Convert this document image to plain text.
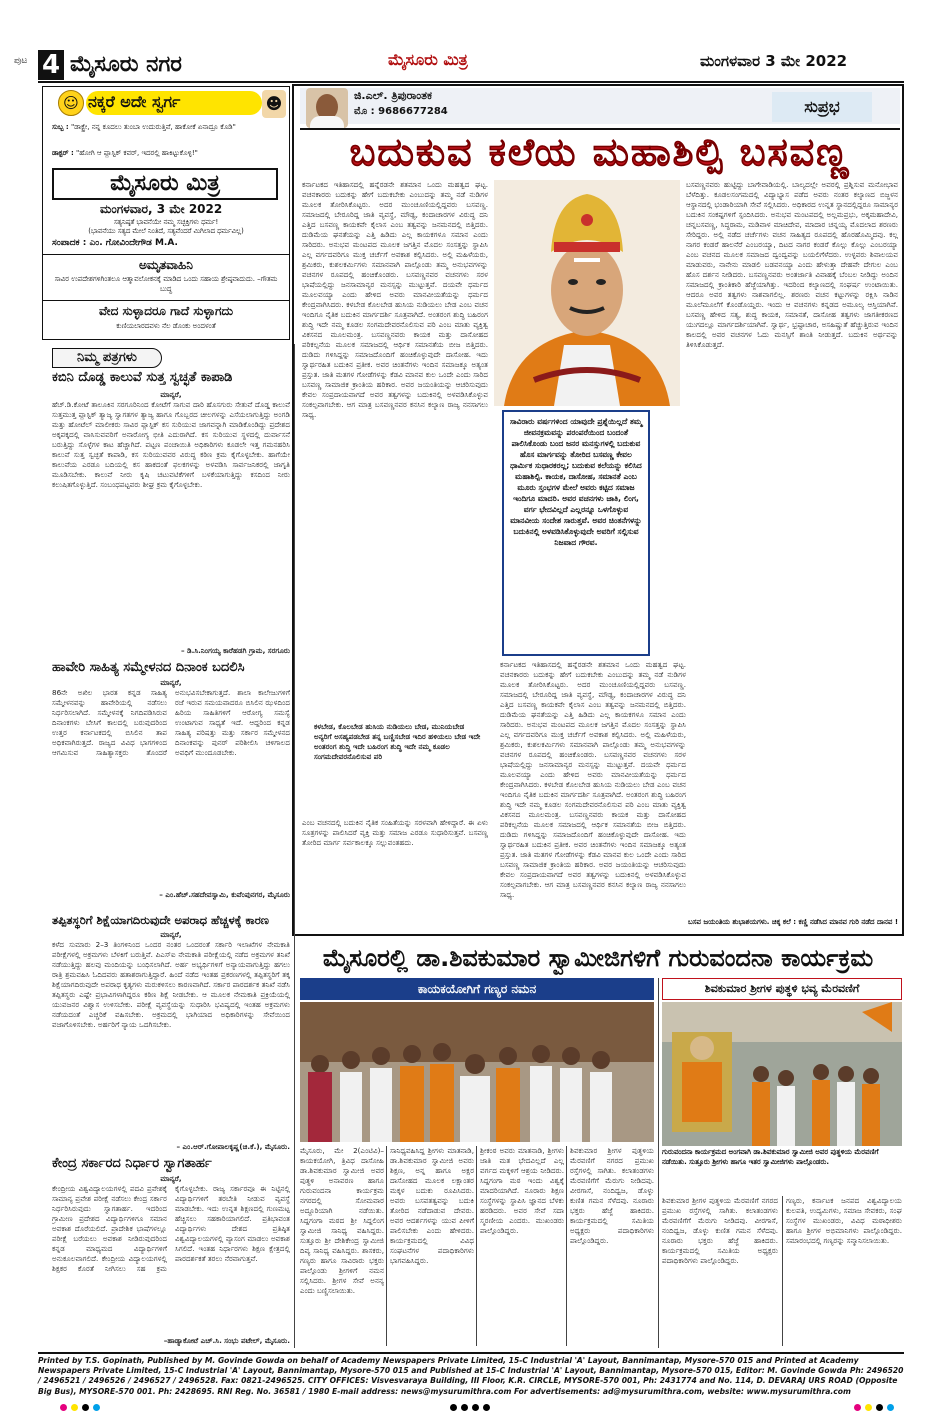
ಪುಟ 4 ಮೈಸೂರು ನಗರ	ಮೈಸೂರು ಮಿತ್ರ	ಮಂಗಳವಾರ 3 ಮೇ 2022
☺ ನಕ್ಕರೆ ಅದೇ ಸ್ವರ್ಗ	☻
ಸುಬ್ಬ : "ಡಾಕ್ಟ್ರೇ, ನನ್ನ ಕೂದಲು ತುಂಬಾ ಉದುರುತ್ತಿವೆ, ಹಾಕೋಕೆ ಏನಾದ್ರೂ ಕೊಡಿ"
ಡಾಕ್ಟರ್ : "ಹೋಗಿ ಆ ಪ್ಲಾಸ್ಟಿಕ್ ಕವರ್, ಇದರಲ್ಲಿ ಹಾಕಿಟ್ಟುಕೊಳ್ಳಿ!"
ಮೈಸೂರು ಮಿತ್ರ
ಮಂಗಳವಾರ, 3 ಮೇ 2022
ಸತ್ಯನಿಷ್ಠತೆ ಭಾವನೆಯೇ ನಮ್ಮ ಸಚ್ಛಕ್ತಿಗಳು ಧರ್ಮ!
(ಭಾವನೆಯು ಸತ್ಯದ ಮೇಲೆ ನಿಂತಿದೆ, ಸತ್ಯವೆಂದರೆ ಮಿಗಿಲಾದ ಧರ್ಮವಿಲ್ಲ)
ಸಂಪಾದಕ : ಎಂ. ಗೋವಿಂದೇಗೌಡ M.A.
ಅಮೃತವಾಹಿನಿ
ಸಾವಿರ ಉಪದೇಶಗಳಿಗಿಂತಲೂ ಆತ್ಮಾವಲೋಕನಕ್ಕೆ ಮಾಡಿದ ಒಂದು ಸಹಾಯ ಶ್ರೇಷ್ಠವಾದುದು. –ಗೌತಮ ಬುದ್ಧ
ವೇದ ಸುಳ್ಳಾದರೂ ಗಾದೆ ಸುಳ್ಳಾಗದು
ಕುಣಿಯಲಾರದವಳು ನೆಲ ಡೊಂಕು ಅಂದಳಂತೆ
ನಿಮ್ಮ ಪತ್ರಗಳು
ಕಬಿನಿ ದೊಡ್ಡ ಕಾಲುವೆ ಸುತ್ತ ಸ್ವಚ್ಛತೆ ಕಾಪಾಡಿ
ಮಾನ್ಯರೆ,
ಹೆಚ್.ಡಿ.ಕೋಟೆ ತಾಲೂಕಿನ ಸರಗೂರಿನಿಂದ ಕೋಟೆಗೆ ಸಾಗುವ ದಾರಿ ಹೊಸಗುರು ಸೇತುವೆ ದೊಡ್ಡ ಕಾಲುವೆ ಸುತ್ತಮುತ್ತ ಪ್ಲಾಸ್ಟಿಕ್ ತ್ಯಾಜ್ಯ ಸ್ವಾಗತಗಳ ತ್ಯಾಜ್ಯ ಹಾಗೂ ಗೊಬ್ಬರದ ಚೀಲಗಳನ್ನು ಎಸೆಯಲಾಗುತ್ತಿದ್ದು ಅಂಗಡಿ ಮತ್ತು ಹೋಟೆಲ್ ಮಾಲೀಕರು ಸಾವಿರ ಪ್ಲಾಸ್ಟಿಕ್ ಕಸ ಸುರಿಯುವ ಜಾಗವನ್ನಾಗಿ ಮಾಡಿಕೊಂಡಿದ್ದು ಪ್ರದೇಶದ ಅಕ್ಕಪಕ್ಕದಲ್ಲಿ ವಾಸಿಸುವವರಿಗೆ ಅನಾರೋಗ್ಯ ಭೀತಿ ಎದುರಾಗಿದೆ. ಕಸ ಸುರಿಯುವ ಸ್ಥಳದಲ್ಲಿ ದುರ್ವಾಸನೆ ಬರುತ್ತಿದ್ದು ಸೊಳ್ಳೆಗಳ ಕಾಟ ಹೆಚ್ಚಾಗಿದೆ. ಪಟ್ಟಣ ಪಂಚಾಯಿತಿ ಅಧಿಕಾರಿಗಳು ಕೂಡಲೇ ಇತ್ತ ಗಮನಹರಿಸಿ ಕಾಲುವೆ ಸುತ್ತ ಸ್ವಚ್ಛತೆ ಕಾಪಾಡಿ, ಕಸ ಸುರಿಯುವವರ ವಿರುದ್ಧ ಕಠಿಣ ಕ್ರಮ ಕೈಗೊಳ್ಳಬೇಕು. ಹಾಗೆಯೇ ಕಾಲುವೆಯ ಎರಡೂ ಬದಿಯಲ್ಲಿ ಕಸ ಹಾಕದಂತೆ ಫಲಕಗಳನ್ನು ಅಳವಡಿಸಿ ಸಾರ್ವಜನಿಕರಲ್ಲಿ ಜಾಗೃತಿ ಮೂಡಿಸಬೇಕು. ಕಾಲುವೆ ನೀರು ಕೃಷಿ ಚಟುವಟಿಕೆಗಳಿಗೆ ಬಳಕೆಯಾಗುತ್ತಿದ್ದು ಕಸದಿಂದ ನೀರು ಕಲುಷಿತಗೊಳ್ಳುತ್ತಿದೆ. ಸಂಬಂಧಪಟ್ಟವರು ಶೀಘ್ರ ಕ್ರಮ ಕೈಗೊಳ್ಳಬೇಕು.
– ಡಿ.ಸಿ.ನಿಂಗಯ್ಯ ಕಾರೆಹಡಗಿ ಗ್ರಾಮ, ಸರಗೂರು
ಹಾವೇರಿ ಸಾಹಿತ್ಯ ಸಮ್ಮೇಳನದ ದಿನಾಂಕ ಬದಲಿಸಿ
ಮಾನ್ಯರೆ,
86ನೇ ಅಖಿಲ ಭಾರತ ಕನ್ನಡ ಸಾಹಿತ್ಯ ಸಮ್ಮೇಳನವನ್ನು ಹಾವೇರಿಯಲ್ಲಿ ನಡೆಸಲು ನಿರ್ಧರಿಸಲಾಗಿದೆ. ಸಮ್ಮೇಳನಕ್ಕೆ ನಿಗದಿಪಡಿಸಿರುವ ದಿನಾಂಕಗಳು ಬೇಸಿಗೆ ಕಾಲದಲ್ಲಿ ಬರುವುದರಿಂದ ಉತ್ತರ ಕರ್ನಾಟಕದಲ್ಲಿ ಬಿಸಿಲಿನ ತಾಪ ಅಧಿಕವಾಗಿರುತ್ತದೆ. ರಾಜ್ಯದ ವಿವಿಧ ಭಾಗಗಳಿಂದ ಆಗಮಿಸುವ ಸಾಹಿತ್ಯಾಸಕ್ತರು ತೊಂದರೆ ಅನುಭವಿಸಬೇಕಾಗುತ್ತದೆ. ಶಾಲಾ ಕಾಲೇಜುಗಳಿಗೆ ರಜೆ ಇರುವ ಸಮಯವಾದರೂ ಬಿಸಿಲಿನ ಝಳದಿಂದ ಹಿರಿಯ ಸಾಹಿತಿಗಳಿಗೆ ಆರೋಗ್ಯ ಸಮಸ್ಯೆ ಉಂಟಾಗುವ ಸಾಧ್ಯತೆ ಇದೆ. ಆದ್ದರಿಂದ ಕನ್ನಡ ಸಾಹಿತ್ಯ ಪರಿಷತ್ತು ಮತ್ತು ಸರ್ಕಾರ ಸಮ್ಮೇಳನದ ದಿನಾಂಕವನ್ನು ಪುನರ್ ಪರಿಶೀಲಿಸಿ ಚಳಿಗಾಲದ ಅವಧಿಗೆ ಮುಂದೂಡಬೇಕು.
– ಎಂ.ಹೆಚ್.ಸಹದೇವಸ್ವಾಮಿ, ಕುವೆಂಪುನಗರ, ಮೈಸೂರು
ತಪ್ಪಿತಸ್ಥರಿಗೆ ಶಿಕ್ಷೆಯಾಗದಿರುವುದೇ ಅಪರಾಧ ಹೆಚ್ಚಳಕ್ಕೆ ಕಾರಣ
ಮಾನ್ಯರೆ,
ಕಳೆದ ಸುಮಾರು 2–3 ತಿಂಗಳಿನಿಂದ ಒಂದರ ನಂತರ ಒಂದರಂತೆ ಸರ್ಕಾರಿ ಇಲಾಖೆಗಳ ನೇಮಕಾತಿ ಪರೀಕ್ಷೆಗಳಲ್ಲಿ ಅಕ್ರಮಗಳು ಬೆಳಕಿಗೆ ಬರುತ್ತಿವೆ. ಪಿಎಸ್ಐ ನೇಮಕಾತಿ ಪರೀಕ್ಷೆಯಲ್ಲಿ ನಡೆದ ಅಕ್ರಮಗಳ ತನಿಖೆ ನಡೆಯುತ್ತಿದ್ದು ಹಲವು ಮಂದಿಯನ್ನು ಬಂಧಿಸಲಾಗಿದೆ. ಅರ್ಹ ಅಭ್ಯರ್ಥಿಗಳಿಗೆ ಅನ್ಯಾಯವಾಗುತ್ತಿದ್ದು ಹಗಲು ರಾತ್ರಿ ಶ್ರಮವಹಿಸಿ ಓದಿದವರು ಹತಾಶರಾಗುತ್ತಿದ್ದಾರೆ. ಹಿಂದೆ ನಡೆದ ಇಂತಹ ಪ್ರಕರಣಗಳಲ್ಲಿ ತಪ್ಪಿತಸ್ಥರಿಗೆ ತಕ್ಕ ಶಿಕ್ಷೆಯಾಗದಿರುವುದೇ ಅಪರಾಧ ಕೃತ್ಯಗಳು ಮರುಕಳಿಸಲು ಕಾರಣವಾಗಿದೆ. ಸರ್ಕಾರ ಪಾರದರ್ಶಕ ತನಿಖೆ ನಡೆಸಿ ತಪ್ಪಿತಸ್ಥರು ಎಷ್ಟೇ ಪ್ರಭಾವಿಗಳಾಗಿದ್ದರೂ ಕಠಿಣ ಶಿಕ್ಷೆ ನೀಡಬೇಕು. ಆ ಮೂಲಕ ನೇಮಕಾತಿ ಪ್ರಕ್ರಿಯೆಯಲ್ಲಿ ಯುವಜನರ ವಿಶ್ವಾಸ ಉಳಿಸಬೇಕು. ಪರೀಕ್ಷೆ ವ್ಯವಸ್ಥೆಯನ್ನು ಸುಧಾರಿಸಿ ಭವಿಷ್ಯದಲ್ಲಿ ಇಂತಹ ಅಕ್ರಮಗಳು ನಡೆಯದಂತೆ ಎಚ್ಚರಿಕೆ ವಹಿಸಬೇಕು. ಅಕ್ರಮದಲ್ಲಿ ಭಾಗಿಯಾದ ಅಧಿಕಾರಿಗಳನ್ನು ಸೇವೆಯಿಂದ ವಜಾಗೊಳಿಸಬೇಕು. ಅರ್ಹರಿಗೆ ನ್ಯಾಯ ಒದಗಿಸಬೇಕು.
– ಎಂ.ಆರ್.ಗೋಪಾಲಕೃಷ್ಣ(ಚಿ.ಕೆ.), ಮೈಸೂರು.
ಕೇಂದ್ರ ಸರ್ಕಾರದ ನಿರ್ಧಾರ ಸ್ವಾಗತಾರ್ಹ
ಮಾನ್ಯರೆ,
ಕೇಂದ್ರೀಯ ವಿಶ್ವವಿದ್ಯಾಲಯಗಳಲ್ಲಿ ಪದವಿ ಪ್ರವೇಶಕ್ಕೆ ಸಾಮಾನ್ಯ ಪ್ರವೇಶ ಪರೀಕ್ಷೆ ನಡೆಸಲು ಕೇಂದ್ರ ಸರ್ಕಾರ ನಿರ್ಧರಿಸಿರುವುದು ಸ್ವಾಗತಾರ್ಹ. ಇದರಿಂದ ಗ್ರಾಮೀಣ ಪ್ರದೇಶದ ವಿದ್ಯಾರ್ಥಿಗಳಿಗೂ ಸಮಾನ ಅವಕಾಶ ದೊರೆಯಲಿದೆ. ಪ್ರಾದೇಶಿಕ ಭಾಷೆಗಳಲ್ಲೂ ಪರೀಕ್ಷೆ ಬರೆಯಲು ಅವಕಾಶ ನೀಡಿರುವುದರಿಂದ ಕನ್ನಡ ಮಾಧ್ಯಮದ ವಿದ್ಯಾರ್ಥಿಗಳಿಗೆ ಅನುಕೂಲವಾಗಲಿದೆ. ಕೇಂದ್ರೀಯ ವಿದ್ಯಾಲಯಗಳಲ್ಲಿ ಶಿಕ್ಷಕರ ಕೊರತೆ ನೀಗಿಸಲು ಸಹ ಕ್ರಮ ಕೈಗೊಳ್ಳಬೇಕು. ರಾಜ್ಯ ಸರ್ಕಾರವೂ ಈ ನಿಟ್ಟಿನಲ್ಲಿ ವಿದ್ಯಾರ್ಥಿಗಳಿಗೆ ತರಬೇತಿ ನೀಡುವ ವ್ಯವಸ್ಥೆ ಮಾಡಬೇಕು. ಇದು ಉನ್ನತ ಶಿಕ್ಷಣದಲ್ಲಿ ಗುಣಮಟ್ಟ ಹೆಚ್ಚಿಸಲು ಸಹಕಾರಿಯಾಗಲಿದೆ. ಪ್ರತಿಭಾವಂತ ವಿದ್ಯಾರ್ಥಿಗಳು ದೇಶದ ಪ್ರತಿಷ್ಠಿತ ವಿಶ್ವವಿದ್ಯಾಲಯಗಳಲ್ಲಿ ವ್ಯಾಸಂಗ ಮಾಡಲು ಅವಕಾಶ ಸಿಗಲಿದೆ. ಇಂತಹ ನಿರ್ಧಾರಗಳು ಶಿಕ್ಷಣ ಕ್ಷೇತ್ರದಲ್ಲಿ ಪಾರದರ್ಶಕತೆ ತರಲು ನೆರವಾಗುತ್ತವೆ.
–ಹಾಡ್ಯಾಕೋಟೆ ಎಚ್.ಸಿ. ಸಂಭು ಪಟೇಲ್, ಮೈಸೂರು.
ಜಿ.ಎಲ್. ತ್ರಿಪುರಾಂತಕ
ಮೊ : 9686677284	ಸುಪ್ರಭ
ಬದುಕುವ ಕಲೆಯ ಮಹಾಶಿಲ್ಪಿ ಬಸವಣ್ಣ
ಕರ್ನಾಟಕದ ಇತಿಹಾಸದಲ್ಲಿ ಹನ್ನೆರಡನೇ ಶತಮಾನ ಒಂದು ಮಹತ್ವದ ಘಟ್ಟ. ವಚನಕಾರರು ಬದುಕನ್ನು ಹೇಗೆ ಬದುಕಬೇಕು ಎಂಬುದನ್ನು ತಮ್ಮ ನಡೆ ನುಡಿಗಳ ಮೂಲಕ ತೋರಿಸಿಕೊಟ್ಟರು. ಅದರ ಮುಂಚೂಣಿಯಲ್ಲಿದ್ದವರು ಬಸವಣ್ಣ. ಸಮಾಜದಲ್ಲಿ ಬೇರೂರಿದ್ದ ಜಾತಿ ವ್ಯವಸ್ಥೆ, ಮೌಢ್ಯ, ಕಂದಾಚಾರಗಳ ವಿರುದ್ಧ ದನಿ ಎತ್ತಿದ ಬಸವಣ್ಣ ಕಾಯಕವೇ ಕೈಲಾಸ ಎಂಬ ತತ್ವವನ್ನು ಜನಮನದಲ್ಲಿ ಬಿತ್ತಿದರು. ದುಡಿಮೆಯ ಘನತೆಯನ್ನು ಎತ್ತಿ ಹಿಡಿದು ಎಲ್ಲ ಕಾಯಕಗಳೂ ಸಮಾನ ಎಂದು ಸಾರಿದರು. ಅನುಭವ ಮಂಟಪದ ಮೂಲಕ ಜಗತ್ತಿನ ಮೊದಲ ಸಂಸತ್ತನ್ನು ಸ್ಥಾಪಿಸಿ ಎಲ್ಲ ವರ್ಗದವರಿಗೂ ಮುಕ್ತ ಚರ್ಚೆಗೆ ಅವಕಾಶ ಕಲ್ಪಿಸಿದರು. ಅಲ್ಲಿ ಮಹಿಳೆಯರು, ಶ್ರಮಿಕರು, ಕುಶಲಕರ್ಮಿಗಳು ಸಮಾನವಾಗಿ ಪಾಲ್ಗೊಂಡು ತಮ್ಮ ಅನುಭವಗಳನ್ನು ವಚನಗಳ ರೂಪದಲ್ಲಿ ಹಂಚಿಕೊಂಡರು. ಬಸವಣ್ಣನವರ ವಚನಗಳು ಸರಳ ಭಾಷೆಯಲ್ಲಿದ್ದು ಜನಸಾಮಾನ್ಯರ ಮನಸ್ಸನ್ನು ಮುಟ್ಟುತ್ತವೆ. ದಯವೇ ಧರ್ಮದ ಮೂಲವಯ್ಯಾ ಎಂದು ಹೇಳಿದ ಅವರು ಮಾನವೀಯತೆಯನ್ನು ಧರ್ಮದ ಕೇಂದ್ರವಾಗಿಸಿದರು. ಕಳಬೇಡ ಕೊಲಬೇಡ ಹುಸಿಯ ನುಡಿಯಲು ಬೇಡ ಎಂಬ ವಚನ ಇಂದಿಗೂ ನೈತಿಕ ಬದುಕಿನ ಮಾರ್ಗದರ್ಶಿ ಸೂತ್ರವಾಗಿದೆ. ಅಂತರಂಗ ಶುದ್ಧಿ ಬಹಿರಂಗ ಶುದ್ಧಿ ಇದೇ ನಮ್ಮ ಕೂಡಲ ಸಂಗಮದೇವರನೊಲಿಸುವ ಪರಿ ಎಂಬ ಮಾತು ವ್ಯಕ್ತಿತ್ವ ವಿಕಸನದ ಮೂಲಮಂತ್ರ. ಬಸವಣ್ಣನವರು ಕಾಯಕ ಮತ್ತು ದಾಸೋಹದ ಪರಿಕಲ್ಪನೆಯ ಮೂಲಕ ಸಮಾಜದಲ್ಲಿ ಆರ್ಥಿಕ ಸಮಾನತೆಯ ಬೀಜ ಬಿತ್ತಿದರು. ದುಡಿದು ಗಳಿಸಿದ್ದನ್ನು ಸಮಾಜದೊಂದಿಗೆ ಹಂಚಿಕೊಳ್ಳುವುದೇ ದಾಸೋಹ. ಇದು ಸ್ವಾರ್ಥರಹಿತ ಬದುಕಿನ ಪ್ರತೀಕ. ಅವರ ಚಿಂತನೆಗಳು ಇಂದಿನ ಸಮಾಜಕ್ಕೂ ಅತ್ಯಂತ ಪ್ರಸ್ತುತ. ಜಾತಿ ಮತಗಳ ಗೋಡೆಗಳನ್ನು ಕೆಡವಿ ಮಾನವ ಕುಲ ಒಂದೇ ಎಂದು ಸಾರಿದ ಬಸವಣ್ಣ ಸಾಮಾಜಿಕ ಕ್ರಾಂತಿಯ ಹರಿಕಾರ. ಅವರ ಜಯಂತಿಯನ್ನು ಆಚರಿಸುವುದು ಕೇವಲ ಸಂಪ್ರದಾಯವಾಗದೆ ಅವರ ತತ್ವಗಳನ್ನು ಬದುಕಿನಲ್ಲಿ ಅಳವಡಿಸಿಕೊಳ್ಳುವ ಸಂಕಲ್ಪವಾಗಬೇಕು. ಆಗ ಮಾತ್ರ ಬಸವಣ್ಣನವರ ಕನಸಿನ ಕಲ್ಯಾಣ ರಾಜ್ಯ ನನಸಾಗಲು ಸಾಧ್ಯ.
ಕಳಬೇಡ, ಕೊಲಬೇಡ ಹುಸಿಯ ನುಡಿಯಲು ಬೇಡ, ಮುನಿಯಬೇಡ ಅನ್ಯರಿಗೆ ಅಸಹ್ಯಪಡಬೇಡ ತನ್ನ ಬಣ್ಣಿಸಬೇಡ ಇದಿರ ಹಳಿಯಲು ಬೇಡ ಇದೇ ಅಂತರಂಗ ಶುದ್ಧಿ ಇದೇ ಬಹಿರಂಗ ಶುದ್ಧಿ ಇದೇ ನಮ್ಮ ಕೂಡಲ ಸಂಗಮದೇವರನೊಲಿಸುವ ಪರಿ
ಎಂಬ ವಚನದಲ್ಲಿ ಬದುಕಿನ ನೈತಿಕ ಸಂಹಿತೆಯನ್ನು ಸರಳವಾಗಿ ಹೇಳಿದ್ದಾರೆ. ಈ ಏಳು ಸೂತ್ರಗಳನ್ನು ಪಾಲಿಸಿದರೆ ವ್ಯಕ್ತಿ ಮತ್ತು ಸಮಾಜ ಎರಡೂ ಸುಧಾರಿಸುತ್ತವೆ. ಬಸವಣ್ಣ ತೋರಿದ ಮಾರ್ಗ ಸರ್ವಕಾಲಕ್ಕೂ ಸಲ್ಲುವಂತಹದು.
ಸಾವಿರಾರು ವರ್ಷಗಳಿಂದ ಯಾವುದೇ ಪ್ರಶ್ನೆಯಿಲ್ಲದೆ ತಮ್ಮ ಜೀವನಕ್ರಮವನ್ನು ಪರಂಪರೆಯಿಂದ ಬಂದಂತೆ ಪಾಲಿಸಿಕೊಂಡು ಬಂದ ಜನರ ಮನಸ್ಸುಗಳಲ್ಲಿ ಬದುಕುವ ಹೊಸ ಮಾರ್ಗವನ್ನು ತೋರಿದ ಬಸವಣ್ಣ ಕೇವಲ ಧಾರ್ಮಿಕ ಸುಧಾರಕರಲ್ಲ; ಬದುಕುವ ಕಲೆಯನ್ನು ಕಲಿಸಿದ ಮಹಾಶಿಲ್ಪಿ. ಕಾಯಕ, ದಾಸೋಹ, ಸಮಾನತೆ ಎಂಬ ಮೂರು ಸ್ತಂಭಗಳ ಮೇಲೆ ಅವರು ಕಟ್ಟಿದ ಸಮಾಜ ಇಂದಿಗೂ ಮಾದರಿ. ಅವರ ವಚನಗಳು ಜಾತಿ, ಲಿಂಗ, ವರ್ಗ ಭೇದವಿಲ್ಲದೆ ಎಲ್ಲರನ್ನೂ ಒಳಗೊಳ್ಳುವ ಮಾನವೀಯ ಸಂದೇಶ ಸಾರುತ್ತವೆ. ಅವರ ಚಿಂತನೆಗಳನ್ನು ಬದುಕಿನಲ್ಲಿ ಅಳವಡಿಸಿಕೊಳ್ಳುವುದೇ ಅವರಿಗೆ ಸಲ್ಲಿಸುವ ನಿಜವಾದ ಗೌರವ.
ಬಸವಣ್ಣನವರು ಹುಟ್ಟಿದ್ದು ಬಾಗೇವಾಡಿಯಲ್ಲಿ. ಬಾಲ್ಯದಲ್ಲೇ ಅವರಲ್ಲಿ ಪ್ರಶ್ನಿಸುವ ಮನೋಭಾವ ಬೆಳೆದಿತ್ತು. ಕೂಡಲಸಂಗಮದಲ್ಲಿ ವಿದ್ಯಾಭ್ಯಾಸ ಪಡೆದ ಅವರು ನಂತರ ಕಲ್ಯಾಣದ ಬಿಜ್ಜಳನ ಆಸ್ಥಾನದಲ್ಲಿ ಭಂಡಾರಿಯಾಗಿ ಸೇವೆ ಸಲ್ಲಿಸಿದರು. ಅಧಿಕಾರದ ಉನ್ನತ ಸ್ಥಾನದಲ್ಲಿದ್ದರೂ ಸಾಮಾನ್ಯರ ಬದುಕಿನ ಸಂಕಷ್ಟಗಳಿಗೆ ಸ್ಪಂದಿಸಿದರು. ಅನುಭವ ಮಂಟಪದಲ್ಲಿ ಅಲ್ಲಮಪ್ರಭು, ಅಕ್ಕಮಹಾದೇವಿ, ಚನ್ನಬಸವಣ್ಣ, ಸಿದ್ಧರಾಮ, ಮಡಿವಾಳ ಮಾಚಿದೇವ, ಮಾದಾರ ಚನ್ನಯ್ಯ ಮೊದಲಾದ ಶರಣರು ಸೇರಿದ್ದರು. ಅಲ್ಲಿ ನಡೆದ ಚರ್ಚೆಗಳು ವಚನ ಸಾಹಿತ್ಯದ ರೂಪದಲ್ಲಿ ಹೊರಹೊಮ್ಮಿದವು. ಕಲ್ಲ ನಾಗರ ಕಂಡರೆ ಹಾಲನೆರೆ ಎಂಬರಯ್ಯಾ, ದಿಟದ ನಾಗರ ಕಂಡರೆ ಕೊಲ್ಲು ಕೊಲ್ಲು ಎಂಬರಯ್ಯಾ ಎಂಬ ವಚನದ ಮೂಲಕ ಸಮಾಜದ ದ್ವಂದ್ವವನ್ನು ಬಯಲಿಗೆಳೆದರು. ಉಳ್ಳವರು ಶಿವಾಲಯವ ಮಾಡುವರು, ನಾನೇನು ಮಾಡಲಿ ಬಡವನಯ್ಯಾ ಎಂದು ಹೇಳುತ್ತಾ ದೇಹವೇ ದೇಗುಲ ಎಂಬ ಹೊಸ ದರ್ಶನ ನೀಡಿದರು. ಬಸವಣ್ಣನವರು ಅಂತರ್ಜಾತಿ ವಿವಾಹಕ್ಕೆ ಬೆಂಬಲ ನೀಡಿದ್ದು ಅಂದಿನ ಸಮಾಜದಲ್ಲಿ ಕ್ರಾಂತಿಕಾರಿ ಹೆಜ್ಜೆಯಾಗಿತ್ತು. ಇದರಿಂದ ಕಲ್ಯಾಣದಲ್ಲಿ ಸಂಘರ್ಷ ಉಂಟಾಯಿತು. ಆದರೂ ಅವರ ತತ್ವಗಳು ನಾಶವಾಗಲಿಲ್ಲ. ಶರಣರು ವಚನ ಕಟ್ಟುಗಳನ್ನು ರಕ್ಷಿಸಿ ನಾಡಿನ ಮೂಲೆಮೂಲೆಗೆ ಕೊಂಡೊಯ್ದರು. ಇಂದು ಆ ವಚನಗಳು ಕನ್ನಡದ ಅಮೂಲ್ಯ ಆಸ್ತಿಯಾಗಿವೆ. ಬಸವಣ್ಣ ಹೇಳಿದ ಸತ್ಯ, ಶುದ್ಧ ಕಾಯಕ, ಸಮಾನತೆ, ದಾಸೋಹ ತತ್ವಗಳು ಜಾಗತೀಕರಣದ ಯುಗದಲ್ಲೂ ಮಾರ್ಗದರ್ಶಿಯಾಗಿವೆ. ಸ್ವಾರ್ಥ, ಭ್ರಷ್ಟಾಚಾರ, ಅಸಹಿಷ್ಣುತೆ ಹೆಚ್ಚುತ್ತಿರುವ ಇಂದಿನ ಕಾಲದಲ್ಲಿ ಅವರ ವಚನಗಳ ಓದು ಮನಸ್ಸಿಗೆ ಶಾಂತಿ ನೀಡುತ್ತದೆ. ಬದುಕಿನ ಅರ್ಥವನ್ನು ತಿಳಿಸಿಕೊಡುತ್ತದೆ.
ಕರ್ನಾಟಕದ ಇತಿಹಾಸದಲ್ಲಿ ಹನ್ನೆರಡನೇ ಶತಮಾನ ಒಂದು ಮಹತ್ವದ ಘಟ್ಟ. ವಚನಕಾರರು ಬದುಕನ್ನು ಹೇಗೆ ಬದುಕಬೇಕು ಎಂಬುದನ್ನು ತಮ್ಮ ನಡೆ ನುಡಿಗಳ ಮೂಲಕ ತೋರಿಸಿಕೊಟ್ಟರು. ಅದರ ಮುಂಚೂಣಿಯಲ್ಲಿದ್ದವರು ಬಸವಣ್ಣ. ಸಮಾಜದಲ್ಲಿ ಬೇರೂರಿದ್ದ ಜಾತಿ ವ್ಯವಸ್ಥೆ, ಮೌಢ್ಯ, ಕಂದಾಚಾರಗಳ ವಿರುದ್ಧ ದನಿ ಎತ್ತಿದ ಬಸವಣ್ಣ ಕಾಯಕವೇ ಕೈಲಾಸ ಎಂಬ ತತ್ವವನ್ನು ಜನಮನದಲ್ಲಿ ಬಿತ್ತಿದರು. ದುಡಿಮೆಯ ಘನತೆಯನ್ನು ಎತ್ತಿ ಹಿಡಿದು ಎಲ್ಲ ಕಾಯಕಗಳೂ ಸಮಾನ ಎಂದು ಸಾರಿದರು. ಅನುಭವ ಮಂಟಪದ ಮೂಲಕ ಜಗತ್ತಿನ ಮೊದಲ ಸಂಸತ್ತನ್ನು ಸ್ಥಾಪಿಸಿ ಎಲ್ಲ ವರ್ಗದವರಿಗೂ ಮುಕ್ತ ಚರ್ಚೆಗೆ ಅವಕಾಶ ಕಲ್ಪಿಸಿದರು. ಅಲ್ಲಿ ಮಹಿಳೆಯರು, ಶ್ರಮಿಕರು, ಕುಶಲಕರ್ಮಿಗಳು ಸಮಾನವಾಗಿ ಪಾಲ್ಗೊಂಡು ತಮ್ಮ ಅನುಭವಗಳನ್ನು ವಚನಗಳ ರೂಪದಲ್ಲಿ ಹಂಚಿಕೊಂಡರು. ಬಸವಣ್ಣನವರ ವಚನಗಳು ಸರಳ ಭಾಷೆಯಲ್ಲಿದ್ದು ಜನಸಾಮಾನ್ಯರ ಮನಸ್ಸನ್ನು ಮುಟ್ಟುತ್ತವೆ. ದಯವೇ ಧರ್ಮದ ಮೂಲವಯ್ಯಾ ಎಂದು ಹೇಳಿದ ಅವರು ಮಾನವೀಯತೆಯನ್ನು ಧರ್ಮದ ಕೇಂದ್ರವಾಗಿಸಿದರು. ಕಳಬೇಡ ಕೊಲಬೇಡ ಹುಸಿಯ ನುಡಿಯಲು ಬೇಡ ಎಂಬ ವಚನ ಇಂದಿಗೂ ನೈತಿಕ ಬದುಕಿನ ಮಾರ್ಗದರ್ಶಿ ಸೂತ್ರವಾಗಿದೆ. ಅಂತರಂಗ ಶುದ್ಧಿ ಬಹಿರಂಗ ಶುದ್ಧಿ ಇದೇ ನಮ್ಮ ಕೂಡಲ ಸಂಗಮದೇವರನೊಲಿಸುವ ಪರಿ ಎಂಬ ಮಾತು ವ್ಯಕ್ತಿತ್ವ ವಿಕಸನದ ಮೂಲಮಂತ್ರ. ಬಸವಣ್ಣನವರು ಕಾಯಕ ಮತ್ತು ದಾಸೋಹದ ಪರಿಕಲ್ಪನೆಯ ಮೂಲಕ ಸಮಾಜದಲ್ಲಿ ಆರ್ಥಿಕ ಸಮಾನತೆಯ ಬೀಜ ಬಿತ್ತಿದರು. ದುಡಿದು ಗಳಿಸಿದ್ದನ್ನು ಸಮಾಜದೊಂದಿಗೆ ಹಂಚಿಕೊಳ್ಳುವುದೇ ದಾಸೋಹ. ಇದು ಸ್ವಾರ್ಥರಹಿತ ಬದುಕಿನ ಪ್ರತೀಕ. ಅವರ ಚಿಂತನೆಗಳು ಇಂದಿನ ಸಮಾಜಕ್ಕೂ ಅತ್ಯಂತ ಪ್ರಸ್ತುತ. ಜಾತಿ ಮತಗಳ ಗೋಡೆಗಳನ್ನು ಕೆಡವಿ ಮಾನವ ಕುಲ ಒಂದೇ ಎಂದು ಸಾರಿದ ಬಸವಣ್ಣ ಸಾಮಾಜಿಕ ಕ್ರಾಂತಿಯ ಹರಿಕಾರ. ಅವರ ಜಯಂತಿಯನ್ನು ಆಚರಿಸುವುದು ಕೇವಲ ಸಂಪ್ರದಾಯವಾಗದೆ ಅವರ ತತ್ವಗಳನ್ನು ಬದುಕಿನಲ್ಲಿ ಅಳವಡಿಸಿಕೊಳ್ಳುವ ಸಂಕಲ್ಪವಾಗಬೇಕು. ಆಗ ಮಾತ್ರ ಬಸವಣ್ಣನವರ ಕನಸಿನ ಕಲ್ಯಾಣ ರಾಜ್ಯ ನನಸಾಗಲು ಸಾಧ್ಯ.
ಬಸವ ಜಯಂತಿಯ ಶುಭಾಶಯಗಳು. ಚಿಕ್ಕ ಕಲೆ : ಕಣ್ಣಿ ನಡೆಸಿದ ಮಾನವ ಗುರಿ ನಡೆದ ದಾನವ !
ಮೈಸೂರಲ್ಲಿ ಡಾ.ಶಿವಕುಮಾರ ಸ್ವಾಮೀಜಿಗಳಿಗೆ ಗುರುವಂದನಾ ಕಾರ್ಯಕ್ರಮ
ಕಾಯಕಯೋಗಿಗೆ ಗಣ್ಯರ ನಮನ	ಶಿವಕುಮಾರ ಶ್ರೀಗಳ ಪುತ್ಥಳಿ ಭವ್ಯ ಮೆರವಣಿಗೆ
ಗುರುವಂದನಾ ಕಾರ್ಯಕ್ರಮದ ಅಂಗವಾಗಿ ಡಾ.ಶಿವಕುಮಾರ ಸ್ವಾಮೀಜಿ ಅವರ ಪುತ್ಥಳಿಯ ಮೆರವಣಿಗೆ ನಡೆಯಿತು. ಸುತ್ತೂರು ಶ್ರೀಗಳು ಹಾಗೂ ಇತರ ಸ್ವಾಮೀಜಿಗಳು ಪಾಲ್ಗೊಂಡರು.
ಮೈಸೂರು, ಮೇ 2(ಎಂಟಿವಿ)– ಕಾಯಕಯೋಗಿ, ತ್ರಿವಿಧ ದಾಸೋಹಿ ಡಾ.ಶಿವಕುಮಾರ ಸ್ವಾಮೀಜಿ ಅವರ ಪುತ್ಥಳಿ ಅನಾವರಣ ಹಾಗೂ ಗುರುವಂದನಾ ಕಾರ್ಯಕ್ರಮ ನಗರದಲ್ಲಿ ಸೋಮವಾರ ಅದ್ದೂರಿಯಾಗಿ ನಡೆಯಿತು. ಸಿದ್ದಗಂಗಾ ಮಠದ ಶ್ರೀ ಸಿದ್ದಲಿಂಗ ಸ್ವಾಮೀಜಿ ಸಾನಿಧ್ಯ ವಹಿಸಿದ್ದರು. ಸುತ್ತೂರು ಶ್ರೀ ದೇಶಿಕೇಂದ್ರ ಸ್ವಾಮೀಜಿ ದಿವ್ಯ ಸಾನಿಧ್ಯ ವಹಿಸಿದ್ದರು. ಶಾಸಕರು, ಗಣ್ಯರು ಹಾಗೂ ಸಾವಿರಾರು ಭಕ್ತರು ಪಾಲ್ಗೊಂಡು ಶ್ರೀಗಳಿಗೆ ನಮನ ಸಲ್ಲಿಸಿದರು. ಶ್ರೀಗಳ ಸೇವೆ ಅನನ್ಯ ಎಂದು ಬಣ್ಣಿಸಲಾಯಿತು.
ಸಾನಿಧ್ಯವಹಿಸಿದ್ದ ಶ್ರೀಗಳು ಮಾತನಾಡಿ, ಡಾ.ಶಿವಕುಮಾರ ಸ್ವಾಮೀಜಿ ಅವರು ಶಿಕ್ಷಣ, ಅನ್ನ ಹಾಗೂ ಅಕ್ಷರ ದಾಸೋಹದ ಮೂಲಕ ಲಕ್ಷಾಂತರ ಮಕ್ಕಳ ಬದುಕು ರೂಪಿಸಿದರು. ಅವರು ಬಸವತತ್ವವನ್ನು ಬದುಕಿ ತೋರಿದ ನಡೆದಾಡುವ ದೇವರು. ಅವರ ಆದರ್ಶಗಳನ್ನು ಯುವ ಪೀಳಿಗೆ ಪಾಲಿಸಬೇಕು ಎಂದು ಹೇಳಿದರು. ಕಾರ್ಯಕ್ರಮದಲ್ಲಿ ವಿವಿಧ ಸಂಘಟನೆಗಳ ಪದಾಧಿಕಾರಿಗಳು ಭಾಗವಹಿಸಿದ್ದರು.
ಶ್ರೀಕಂಠ ಅವರು ಮಾತನಾಡಿ, ಶ್ರೀಗಳು ಜಾತಿ ಮತ ಭೇದವಿಲ್ಲದೆ ಎಲ್ಲ ವರ್ಗದ ಮಕ್ಕಳಿಗೆ ಆಶ್ರಯ ನೀಡಿದರು. ಸಿದ್ದಗಂಗಾ ಮಠ ಇಂದು ವಿಶ್ವಕ್ಕೆ ಮಾದರಿಯಾಗಿದೆ. ನೂರಾರು ಶಿಕ್ಷಣ ಸಂಸ್ಥೆಗಳನ್ನು ಸ್ಥಾಪಿಸಿ ಜ್ಞಾನದ ಬೆಳಕು ಹರಡಿದರು. ಅವರ ಸೇವೆ ಸದಾ ಸ್ಮರಣೀಯ ಎಂದರು. ಮುಖಂಡರು ಪಾಲ್ಗೊಂಡಿದ್ದರು.
ಶಿವಕುಮಾರ ಶ್ರೀಗಳ ಪುತ್ಥಳಿಯ ಮೆರವಣಿಗೆ ನಗರದ ಪ್ರಮುಖ ರಸ್ತೆಗಳಲ್ಲಿ ಸಾಗಿತು. ಕಲಾತಂಡಗಳು ಮೆರವಣಿಗೆಗೆ ಮೆರುಗು ನೀಡಿದವು. ವೀರಗಾಸೆ, ನಂದಿಧ್ವಜ, ಡೊಳ್ಳು ಕುಣಿತ ಗಮನ ಸೆಳೆದವು. ನೂರಾರು ಭಕ್ತರು ಹೆಜ್ಜೆ ಹಾಕಿದರು. ಕಾರ್ಯಕ್ರಮದಲ್ಲಿ ಸಮಿತಿಯ ಅಧ್ಯಕ್ಷರು ಪದಾಧಿಕಾರಿಗಳು ಪಾಲ್ಗೊಂಡಿದ್ದರು.
ಶಿವಕುಮಾರ ಶ್ರೀಗಳ ಪುತ್ಥಳಿಯ ಮೆರವಣಿಗೆ ನಗರದ ಪ್ರಮುಖ ರಸ್ತೆಗಳಲ್ಲಿ ಸಾಗಿತು. ಕಲಾತಂಡಗಳು ಮೆರವಣಿಗೆಗೆ ಮೆರುಗು ನೀಡಿದವು. ವೀರಗಾಸೆ, ನಂದಿಧ್ವಜ, ಡೊಳ್ಳು ಕುಣಿತ ಗಮನ ಸೆಳೆದವು. ನೂರಾರು ಭಕ್ತರು ಹೆಜ್ಜೆ ಹಾಕಿದರು. ಕಾರ್ಯಕ್ರಮದಲ್ಲಿ ಸಮಿತಿಯ ಅಧ್ಯಕ್ಷರು ಪದಾಧಿಕಾರಿಗಳು ಪಾಲ್ಗೊಂಡಿದ್ದರು.
ಗಣ್ಯರು, ಕರ್ನಾಟಕ ಜನಪದ ವಿಶ್ವವಿದ್ಯಾಲಯ ಕುಲಪತಿ, ಉದ್ಯಮಿಗಳು, ಸಮಾಜ ಸೇವಕರು, ಸಂಘ ಸಂಸ್ಥೆಗಳ ಮುಖಂಡರು, ವಿವಿಧ ಮಠಾಧೀಶರು ಹಾಗೂ ಶ್ರೀಗಳ ಅಭಿಮಾನಿಗಳು ಪಾಲ್ಗೊಂಡಿದ್ದರು. ಸಮಾರಂಭದಲ್ಲಿ ಗಣ್ಯರನ್ನು ಸನ್ಮಾನಿಸಲಾಯಿತು.
Printed by T.S. Gopinath, Published by M. Govinde Gowda on behalf of Academy Newspapers Private Limited, 15-C Industrial 'A' Layout, Bannimantap, Mysore-570 015 and Printed at Academy Newspapers Private Limited, 15-C Industrial 'A' Layout, Bannimantap, Mysore-570 015 and Published at 15-C Industrial 'A' Layout, Bannimantap, Mysore-570 015, Editor: M. Govinde Gowda Ph: 2496520 / 2496521 / 2496526 / 2496527 / 2496528. Fax: 0821-2496525. CITY OFFICES: Visvesvaraya Building, III Floor, K.R. CIRCLE, MYSORE-570 001, Ph: 2431774 and No. 114, D. DEVARAJ URS ROAD (Opposite Big Bus), MYSORE-570 001. Ph: 2428695. RNI Reg. No. 36581 / 1980 E-mail address: news@mysurumithra.com For advertisements: ad@mysurumithra.com, website: www.mysurumithra.com
